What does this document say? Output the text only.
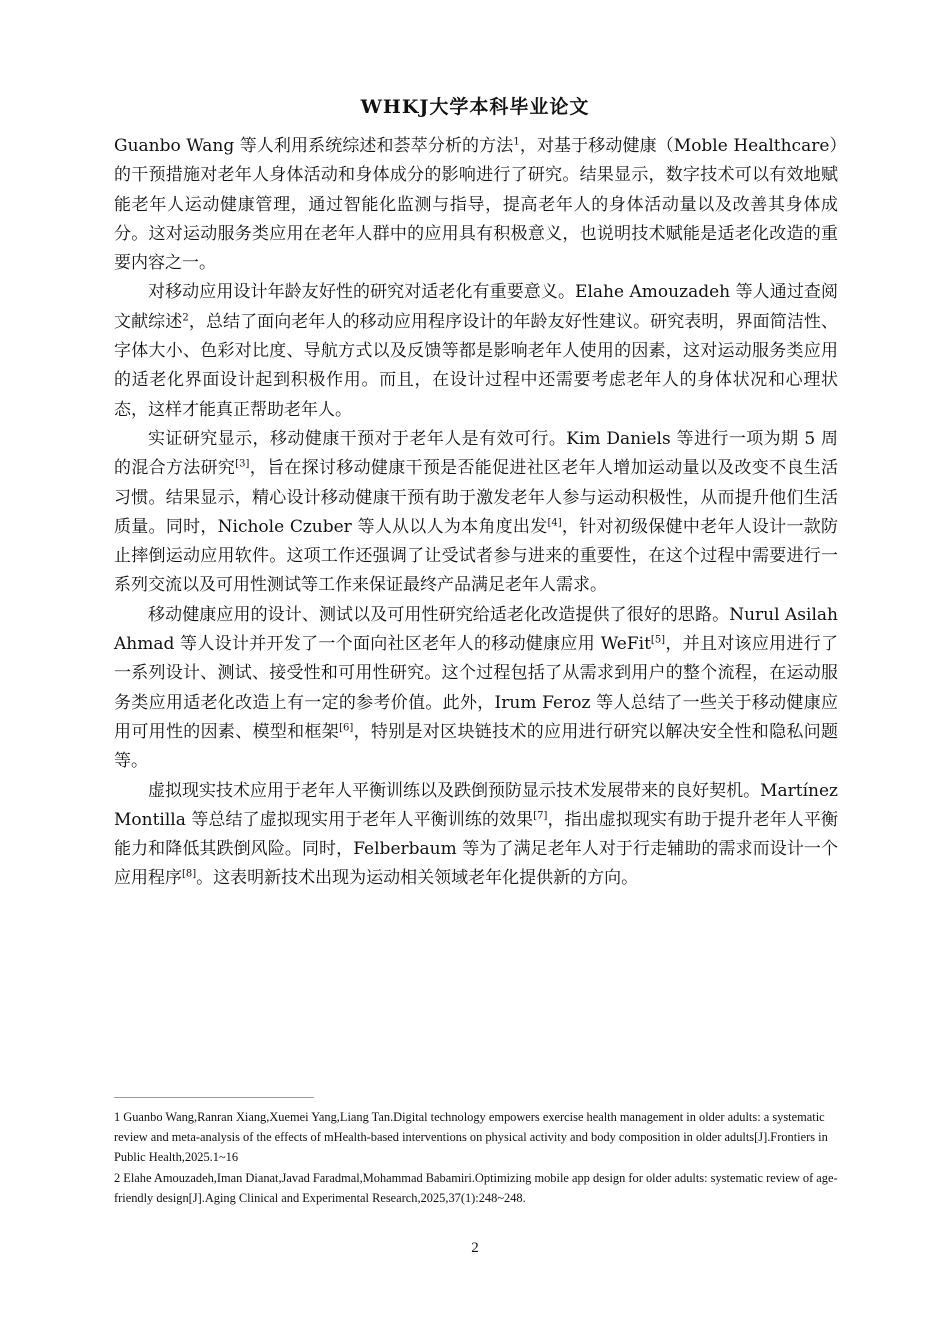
WHKJ大学本科毕业论文

Guanbo Wang 等人利用系统综述和荟萃分析的方法$^1$，对基于移动健康（Moble Healthcare）的干预措施对老年人身体活动和身体成分的影响进行了研究。结果显示，数字技术可以有效地赋能老年人运动健康管理，通过智能化监测与指导，提高老年人的身体活动量以及改善其身体成分。这对运动服务类应用在老年人群中的应用具有积极意义，也说明技术赋能是适老化改造的重要内容之一。

对移动应用设计年龄友好性的研究对适老化有重要意义。Elahe Amouzadeh 等人通过查阅文献综述$^2$，总结了面向老年人的移动应用程序设计的年龄友好性建议。研究表明，界面简洁性、字体大小、色彩对比度、导航方式以及反馈等都是影响老年人使用的因素，这对运动服务类应用的适老化界面设计起到积极作用。而且，在设计过程中还需要考虑老年人的身体状况和心理状态，这样才能真正帮助老年人。

实证研究显示，移动健康干预对于老年人是有效可行。Kim Daniels 等进行一项为期 5 周的混合方法研究[3]，旨在探讨移动健康干预是否能促进社区老年人增加运动量以及改变不良生活习惯。结果显示，精心设计移动健康干预有助于激发老年人参与运动积极性，从而提升他们生活质量。同时，Nichole Czuber 等人从以人为本角度出发[4]，针对初级保健中老年人设计一款防止摔倒运动应用软件。这项工作还强调了让受试者参与进来的重要性，在这个过程中需要进行一系列交流以及可用性测试等工作来保证最终产品满足老年人需求。

移动健康应用的设计、测试以及可用性研究给适老化改造提供了很好的思路。Nurul Asilah Ahmad 等人设计并开发了一个面向社区老年人的移动健康应用 WeFit[5]，并且对该应用进行了一系列设计、测试、接受性和可用性研究。这个过程包括了从需求到用户的整个流程，在运动服务类应用适老化改造上有一定的参考价值。此外，Irum Feroz 等人总结了一些关于移动健康应用可用性的因素、模型和框架[6]，特别是对区块链技术的应用进行研究以解决安全性和隐私问题等。

虚拟现实技术应用于老年人平衡训练以及跌倒预防显示技术发展带来的良好契机。Martínez Montilla 等总结了虚拟现实用于老年人平衡训练的效果[7]，指出虚拟现实有助于提升老年人平衡能力和降低其跌倒风险。同时，Felberbaum 等为了满足老年人对于行走辅助的需求而设计一个应用程序[8]。这表明新技术出现为运动相关领域老年化提供新的方向。

1 Guanbo Wang,Ranran Xiang,Xuemei Yang,Liang Tan.Digital technology empowers exercise health management in older adults: a systematic review and meta-analysis of the effects of mHealth-based interventions on physical activity and body composition in older adults[J].Frontiers in Public Health,2025.1~16

2 Elahe Amouzadeh,Iman Dianat,Javad Faradmal,Mohammad Babamiri.Optimizing mobile app design for older adults: systematic review of age-friendly design[J].Aging Clinical and Experimental Research,2025,37(1):248~248.

2
